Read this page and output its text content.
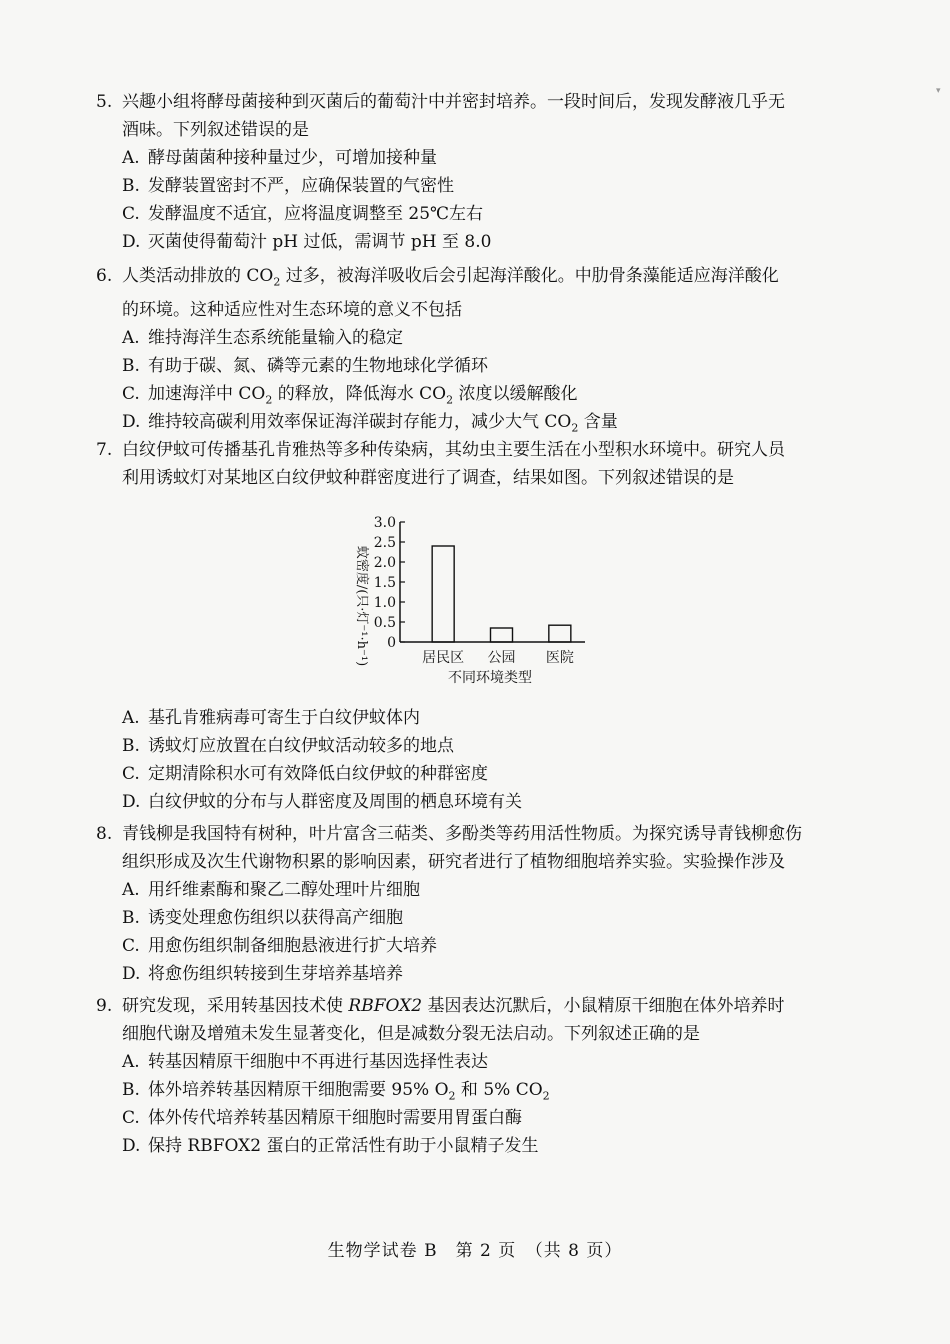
5. 兴趣小组将酵母菌接种到灭菌后的葡萄汁中并密封培养。一段时间后，发现发酵液几乎无
酒味。下列叙述错误的是
A. 酵母菌菌种接种量过少，可增加接种量
B. 发酵装置密封不严，应确保装置的气密性
C. 发酵温度不适宜，应将温度调整至 25℃左右
D. 灭菌使得葡萄汁 pH 过低，需调节 pH 至 8.0
6. 人类活动排放的 $CO_2$ 过多，被海洋吸收后会引起海洋酸化。中肋骨条藻能适应海洋酸化
的环境。这种适应性对生态环境的意义不包括
A. 维持海洋生态系统能量输入的稳定
B. 有助于碳、氮、磷等元素的生物地球化学循环
C. 加速海洋中 $CO_2$ 的释放，降低海水 $CO_2$ 浓度以缓解酸化
D. 维持较高碳利用效率保证海洋碳封存能力，减少大气 $CO_2$ 含量
7. 白纹伊蚊可传播基孔肯雅热等多种传染病，其幼虫主要生活在小型积水环境中。研究人员
利用诱蚊灯对某地区白纹伊蚊种群密度进行了调查，结果如图。下列叙述错误的是
蚊密度/(只·灯⁻¹·h⁻¹) 0
0.5
1.0
1.5
2.0
2.5
3.0
居民区 公园 医院
不同环境类型
A. 基孔肯雅病毒可寄生于白纹伊蚊体内
B. 诱蚊灯应放置在白纹伊蚊活动较多的地点
C. 定期清除积水可有效降低白纹伊蚊的种群密度
D. 白纹伊蚊的分布与人群密度及周围的栖息环境有关
8. 青钱柳是我国特有树种，叶片富含三萜类、多酚类等药用活性物质。为探究诱导青钱柳愈伤
组织形成及次生代谢物积累的影响因素，研究者进行了植物细胞培养实验。实验操作涉及
A. 用纤维素酶和聚乙二醇处理叶片细胞
B. 诱变处理愈伤组织以获得高产细胞
C. 用愈伤组织制备细胞悬液进行扩大培养
D. 将愈伤组织转接到生芽培养基培养
9. 研究发现，采用转基因技术使 RBFOX2 基因表达沉默后，小鼠精原干细胞在体外培养时
细胞代谢及增殖未发生显著变化，但是减数分裂无法启动。下列叙述正确的是
A. 转基因精原干细胞中不再进行基因选择性表达
B. 体外培养转基因精原干细胞需要 95% $O_2$ 和 5% $CO_2$
C. 体外传代培养转基因精原干细胞时需要用胃蛋白酶
D. 保持 RBFOX2 蛋白的正常活性有助于小鼠精子发生
生物学试卷 B　第 2 页　（共 8 页）
▾
